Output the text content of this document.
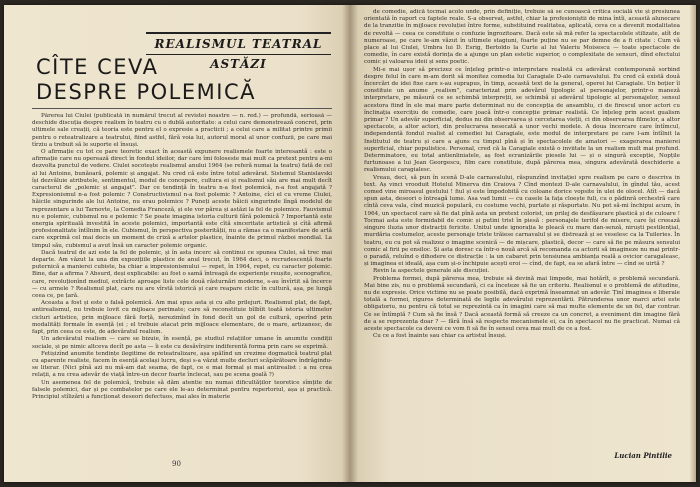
REALISMUL TEATRAL ASTĂZI
CÎTE CEVA
DESPRE POLEMICĂ

Părerea lui Ciulei (publicată în numărul trecut al revistei noastre — n. red.) — profundă, serioasă — deschide discuția despre realism în teatru cu o dublă autoritate: a celui care demonstrează concret, prin ultimele sale creații, că teoria este pentru el o expresie a practicii ; a celui care a militat printre primii pentru o reteatralizare a teatrului, fiind astfel, fără voia lui, autorul moral al unor confuzii, pe care mai tîrziu a trebuit să le suporte el însuși.

O afirmație cu tot ce pare teoretic exact în această expunere realismele foarte interesantă : este o afirmație care nu operează direct în fondul ideilor, dar care îmi foloseste mai mult ca pretext pentru a-mi dezvolta punctul de vedere. Ciulei socotește realismul anului 1964 (se referă numai la teatru) fată de cel al lui Antoine, bunăoară, polemic și angajat. Nu cred că este între totul adevărat. Sistemul Stanislavski își dezvăluie atributele, sentimentul, modul de concepere, cultura ei și realismul său are mai mult decît caracterul de „polemic și angajat”. Dar ce tendință în teatru n-a fost polemică, n-a fost angajată ? Expresionismul n-a fost polemic ? Constructivismul n-a fost polemic ? Antoine, cîci el cu vreme Ciulei, hăicile singurinde ale lui Antoine, nu erau polemice ? Puneți aceste hăicii singurinde lîngă modelul de reprezentare a lui Tarnovte, la Comedia Franceză, și ele vor părea și astăzi la fel de polemice. Fauvismul nu e polemic, cubismul nu e polemic ? Se poate imagina istoria culturii fără polemică ? Importantă este energia spirituală investită în aceste polemici, importantă este cîtă sinceritate artistică și cîtă afirmă profesionalitate întîlnim în ele. Cubismul, în perspectiva posterității, nu a rămas ca o manifestare de artă care exprimă cel mai decis un moment de criză a artelor plastice, înainte de primul război mondial. La timpul său, cubismul a avut însă un caracter polemic organic.

Dacă teatrul de azi este la fel de polemic, și în asta incerc să continui ce spunea Ciulei, să trec mai departe. Am văzut la una din expozițiile plastice de anul trecut, în 1964 deci, o recrudescență foarte puternică a manierei cubiste, ba chiar a impresionismului — repet, în 1964, repet, cu caracter polemic. Bine, dar a afirma ? Absurd, deși explicabile: au fost o samă întreagă de experiențe reușite, scenografice, care, revoluționînd mediul, extrăcte aproape liste cele două răsturnări moderne, s-au învîrtit să încerce — cu armele ? Realismul plat, care nu are vîrstă istorică și care reapare ciclic în cultură, așa, pe lungă ceea ce, pe țară.

Aceasta a fost și este o falsă polemică. Am mai spus asta și cu alte prilejuri. Realismul plat, de fapt, antirealismul, nu trebuie lovit cu mijloace perimate; care să reconstituie bîlbîit toată istoria ultimelor cicluri artistice, prin mijloace fără forță, nerezimînd în fond decît un gol de cultură, operînd prin modalități formale în esență (ei ; el trebuie atacat prin mijloace elementare, de o mare, artizanesc, de fapt, prin ceea ce este, de adevăratul realism.

Un adevăratul realism — care se bizuie, în esență, pe studiul relațiilor umane în anumite condiții sociale, și pe nimic altceva decît pe asta — îi este cu desăvîrșire indiferentă forma prin care se exprimă.

Fetișizînd anumite tendințe ilegitime de reteatralizare, așa spălînd un crezime dogmatică teatrul plat cu aparente realiste, facem în esență același lucru, deși s-a văzut multe decluri scăpărătoare îndrăgindu-se literar. (Nici pînă azi nu mă-am dat seama, de fapt, ce e mai formal și mai antirealist : a nu crea relații, a nu crea adevăr de viață între-un decor foarte înclecat, sau pe scena goală ?)

Un asemenea fel de polemică, trebuie să dăm atentie nu numai dificultăților teoretice sîmțite de falsele polemici, dar și pe combatelor pe care ele le-au determinat pentru repertoriul, așa și practică. Principiul stîlizării a funcționat deseori defectuos, mai ales în materie

90

de comedie, adică tocmai acolo unde, prin definiție, trebuie să se cunoască critica socială vie și presiunea orientată în raport cu faptele reale. S-a observat, astfel, chiar la profesioniștii de mina întîi, această alunecare de la tranzitie în mijloace revoluției între forme, substituind realitatea, aplicată, ceva ce a devenit modalitatea de revoltă — ceea ce constituie o confuzie îngrozitoare. Dacă este să mă refer la spectacolele stilizate, atît de numeroase, pe care le-am văzut în ultimele stagiuni, foarte puține nu se par demne de a fi citate : Cum vă place al lui Ciulei, Umbra lui D. Esrig, Bertoldo la Curte al lui Valeriu Moisescu — toate spectacole de comedie, în care există dorința de a ajunge un plan estetic superior, o complexitate de sensuri, dînd efectului comic și valoarea ideii și sens poetic.

Mi-e mai ușor să precizez ce înțeleg printr-o interpretare realistă cu adevărat contemporană sorbind despre felul în care m-am dorit să monitez comedia lui Caragiale D-ale carnavalului. Eu cred că există două încercări de idei fixe care s-au suprapus, în timp, această text de la general, operei lui Caragiale. Un boțier îl constituie un anume „realism”, caracterizat prin adevărul tipologic al personajelor, printr-o maneză interpretare, pe măsură ce se schimbă interpreții, se schimbă și adevărul tipologic al personajelor, sensul acestora fiind în ele mai mare parte determinat nu de concepția de ansamblu, ci de firescul unor actori cu înclinația exercițiu de comedie, care joacă într-o concepție primar realistă. Ce înțeleg prin acest gualism primar ? Un adevăr superficial, dedus nu din observarea și cercetarea vieții, ci din observarea filmelor, a altor spectacole, a altor actori, din prelucrarea nesecată a unor vechi modele. A doua încercare care întîmcul, independentă fondul realist al comediei lui Caragiale, este modul de interpretare pe care l-am întîlnit la Institutul de teatru și care a ajuns cu timpul pînă și în spectacolele de amatori — exagerarea manierei superficial, chiar populistice. Personal, cred că la Caragiale există o inviitate la un realism mult mai profund. Determinatore, eu total antienliniatele, aș fost ecranizările piesele lui — și o singură excepție, Nopțile furtunoase a lui Jean Georgescu, film care constituie, după părerea mea, singura adevărată deschiderie a realismului caragialesc.

Vreau, deci, să pun în scenă D-ale carnavalului, răspunzînd invitației spre realism pe care o descriva in text. Aș vinci vrooduit Hotelul Minerva din Craiova ? Cînd montezi D-ale carnavalului, în gîndul tău, acest comed vine miroasul gestului ! fiul și este împodobită cu coloane dorice vopsite în ulei de olocel. Atît — dacă spun asta, deseori o întreagă lume. Asa vad lumii — cu casele la fața cloește fuli, cu o pădinră orchestră care cîntă ceva vala, cînd muzică populară, cu costume vechi, purtate și răspurtate. Nu pot să-mi închipui acum, în 1964, un spectacol care să fie dat pînă asta un pretext colorist, un prilej de desfășurare plastică și de culoare ! Tocmai asta este formidabil de comic și putini trist în piesă : personajele terifol de misere, care își creează singure iluzia unor distracții fericite. Unitul unde ignorația le pleacă cu mare dan-senză, niruști pestilențial, murdăria costumelor, aceste personaje triste trăiese carnavalul și se distrează și se veselesc ca la Tuileries. În teatru, eu cu pot să realizez o imagine scenică — de mișcare, plastică, decor — care să fie pe măsura sensului comic al firii pe ensiloc. Și asta doresc ca într-o nouă arcă să recomanda ca actorii să imagineze nu mai printr-o paradă, reluînd o dihodere ce distracție : la un cabaret prin tensiunea ambianța reală a ovicior caragaleasc, și imaginea ei ideală, așa cum și-o închipuie acești eroi — cînd, de fapt, ea se afară între — cînd se uirtă ?

Revin la aspectele generale ale discuției.

Problema formei, după părerea mea, trebuie să devină mai limpede, mai hotărît, o problemă secundară. Mai bine zis, nu o problemă secundară, ci ca înceteze să fie un criteriu. Realismul e o problemă de atitudine, nu de expresie. Orice victime nu se poate posibilă, dacă exprimă înseamnat un adevăr. Ținî imaginea e liberale totală a formei, riguros determinată de legile adevărului reprezentării. Pătrunderea unor marci artei este obligatoriu, nu pentru că totul se reprezintă ca în imagini care să mai multe elemente de un fel, dar contrar. Ce se întîmplă ? Cum să fie însă ? Dacă această formă să creeze ca un concret, a eveniment din imagine fără de a se reprezenta doar ? — fără însă să respecte mecanismele ei, ca în spectacol nu fie practicat. Numai că aceste spectacole ca deveni ce vom fi să fie în sensul ceva mai mult de ce a fost.

Cu ce a fost înainte sau chiar ca artistul însuși.

Lucian Pintilie
